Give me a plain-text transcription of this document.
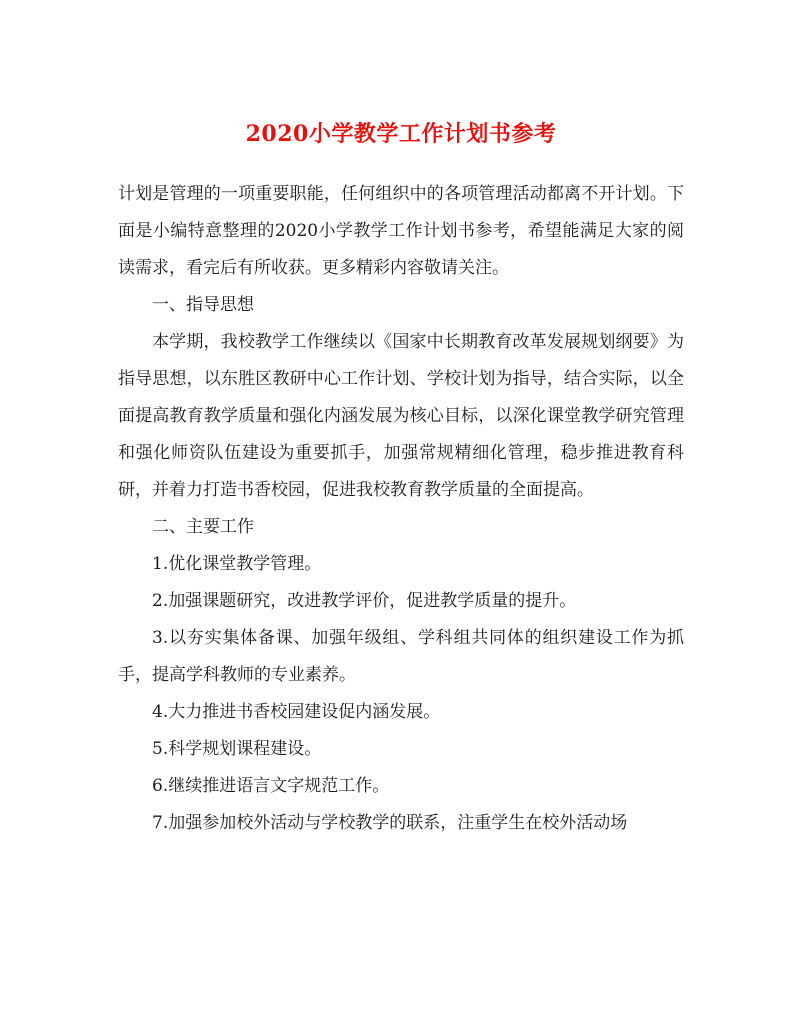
2020小学教学工作计划书参考

计划是管理的一项重要职能，任何组织中的各项管理活动都离不开计划。下面是小编特意整理的2020小学教学工作计划书参考，希望能满足大家的阅读需求，看完后有所收获。更多精彩内容敬请关注。

一、指导思想

本学期，我校教学工作继续以《国家中长期教育改革发展规划纲要》为指导思想，以东胜区教研中心工作计划、学校计划为指导，结合实际，以全面提高教育教学质量和强化内涵发展为核心目标，以深化课堂教学研究管理和强化师资队伍建设为重要抓手，加强常规精细化管理，稳步推进教育科研，并着力打造书香校园，促进我校教育教学质量的全面提高。

二、主要工作

1.优化课堂教学管理。

2.加强课题研究，改进教学评价，促进教学质量的提升。

3.以夯实集体备课、加强年级组、学科组共同体的组织建设工作为抓手，提高学科教师的专业素养。

4.大力推进书香校园建设促内涵发展。

5.科学规划课程建设。

6.继续推进语言文字规范工作。

7.加强参加校外活动与学校教学的联系，注重学生在校外活动场
